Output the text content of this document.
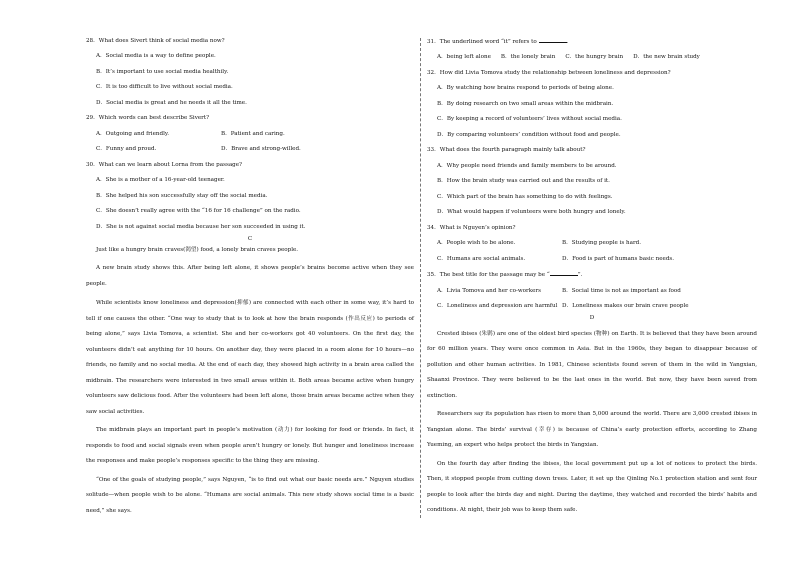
28．What does Sivert think of social media now?

A．Social media is a way to define people.

B．It’s important to use social media healthily.

C．It is too difficult to live without social media.

D．Social media is great and he needs it all the time.

29．Which words can best describe Sivert?

A．Outgoing and friendly.	B．Patient and caring.
C．Funny and proud.	D．Brave and strong-willed.

30．What can we learn about Lorna from the passage?

A．She is a mother of a 16-year-old teenager.

B．She helped his son successfully stay off the social media.

C．She doesn’t really agree with the “16 for 16 challenge” on the radio.

D．She is not against social media because her son succeeded in using it.

C

Just like a hungry brain craves(渴望) food, a lonely brain craves people.

A new brain study shows this. After being left alone, it shows people’s brains become active when they see people.

While scientists know loneliness and depression(抑郁) are connected with each other in some way, it’s hard to tell if one causes the other. “One way to study that is to look at how the brain responds (作出反应) to periods of being alone,” says Livia Tomova, a scientist. She and her co-workers got 40 volunteers. On the first day, the volunteers didn’t eat anything for 10 hours. On another day, they were placed in a room alone for 10 hours—no friends, no family and no social media. At the end of each day, they showed high activity in a brain area called the midbrain. The researchers were interested in two small areas within it. Both areas became active when hungry volunteers saw delicious food. After the volunteers had been left alone, those brain areas became active when they saw social activities.

The midbrain plays an important part in people’s motivation (动力) for looking for food or friends. In fact, it responds to food and social signals even when people aren’t hungry or lonely. But hunger and loneliness increase the responses and make people’s responses specific to the thing they are missing.

“One of the goals of studying people,” says Nguyen, “is to find out what our basic needs are.” Nguyen studies solitude—when people wish to be alone. “Humans are social animals. This new study shows social time is a basic need,” she says.

31．The underlined word “it” refers to	.

A．being left alone B．the lonely brain C．the hungry brain D．the new brain study

32．How did Livia Tomova study the relationship between loneliness and depression?

A．By watching how brains respond to periods of being alone.

B．By doing research on two small areas within the midbrain.

C．By keeping a record of volunteers’ lives without social media.

D．By comparing volunteers’ condition without food and people.

33．What does the fourth paragraph mainly talk about?

A．Why people need friends and family members to be around.

B．How the brain study was carried out and the results of it.

C．Which part of the brain has something to do with feelings.

D．What would happen if volunteers were both hungry and lonely.

34．What is Nguyen’s opinion?

A．People wish to be alone.	B．Studying people is hard.
C．Humans are social animals.	D．Food is part of humans basic needs.

35．The best title for the passage may be “	”.

A．Livia Tomova and her co-workers	B．Social time is not as important as food
C．Loneliness and depression are harmful D．Loneliness makes our brain crave people

D

Crested ibises (朱鹮) are one of the oldest bird species (物种) on Earth. It is believed that they have been around for 60 million years. They were once common in Asia. But in the 1960s, they began to disappear because of pollution and other human activities. In 1981, Chinese scientists found seven of them in the wild in Yangxian, Shaanxi Province. They were believed to be the last ones in the world. But now, they have been saved from extinction.

Researchers say its population has risen to more than 5,000 around the world. There are 3,000 crested ibises in Yangxian alone. The birds’ survival (幸存) is because of China’s early protection efforts, according to Zhang Yueming, an expert who helps protect the birds in Yangxian.

On the fourth day after finding the ibises, the local government put up a lot of notices to protect the birds. Then, it stopped people from cutting down trees. Later, it set up the Qinling No.1 protection station and sent four people to look after the birds day and night. During the daytime, they watched and recorded the birds’ habits and conditions. At night, their job was to keep them safe.
